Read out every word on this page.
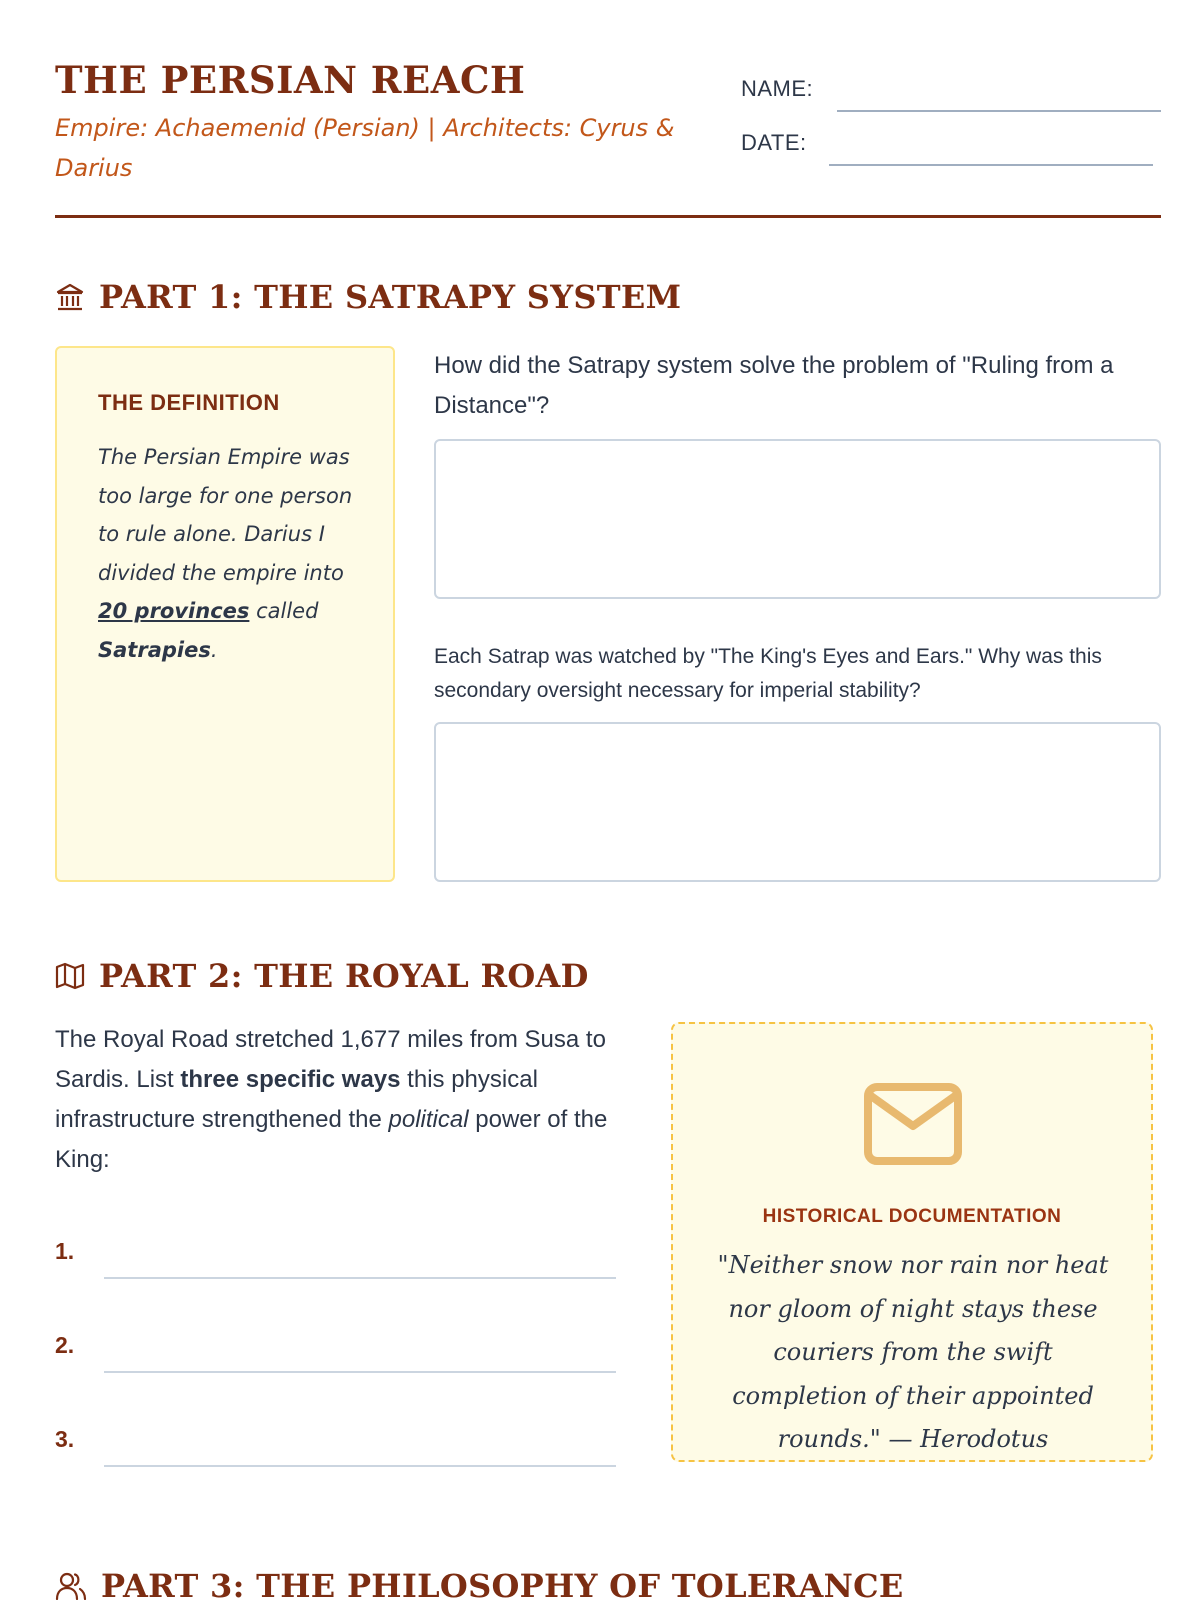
THE PERSIAN REACH
Empire: Achaemenid (Persian) | Architects: Cyrus & Darius
NAME:
DATE:
PART 1: THE SATRAPY SYSTEM
THE DEFINITION
The Persian Empire was too large for one person to rule alone. Darius I divided the empire into 20 provinces called Satrapies.
How did the Satrapy system solve the problem of "Ruling from a Distance"?
Each Satrap was watched by "The King's Eyes and Ears." Why was this secondary oversight necessary for imperial stability?
PART 2: THE ROYAL ROAD
The Royal Road stretched 1,677 miles from Susa to Sardis. List three specific ways this physical infrastructure strengthened the political power of the King:
1.
2.
3.
HISTORICAL DOCUMENTATION
"Neither snow nor rain nor heat nor gloom of night stays these couriers from the swift completion of their appointed rounds." — Herodotus
PART 3: THE PHILOSOPHY OF TOLERANCE
